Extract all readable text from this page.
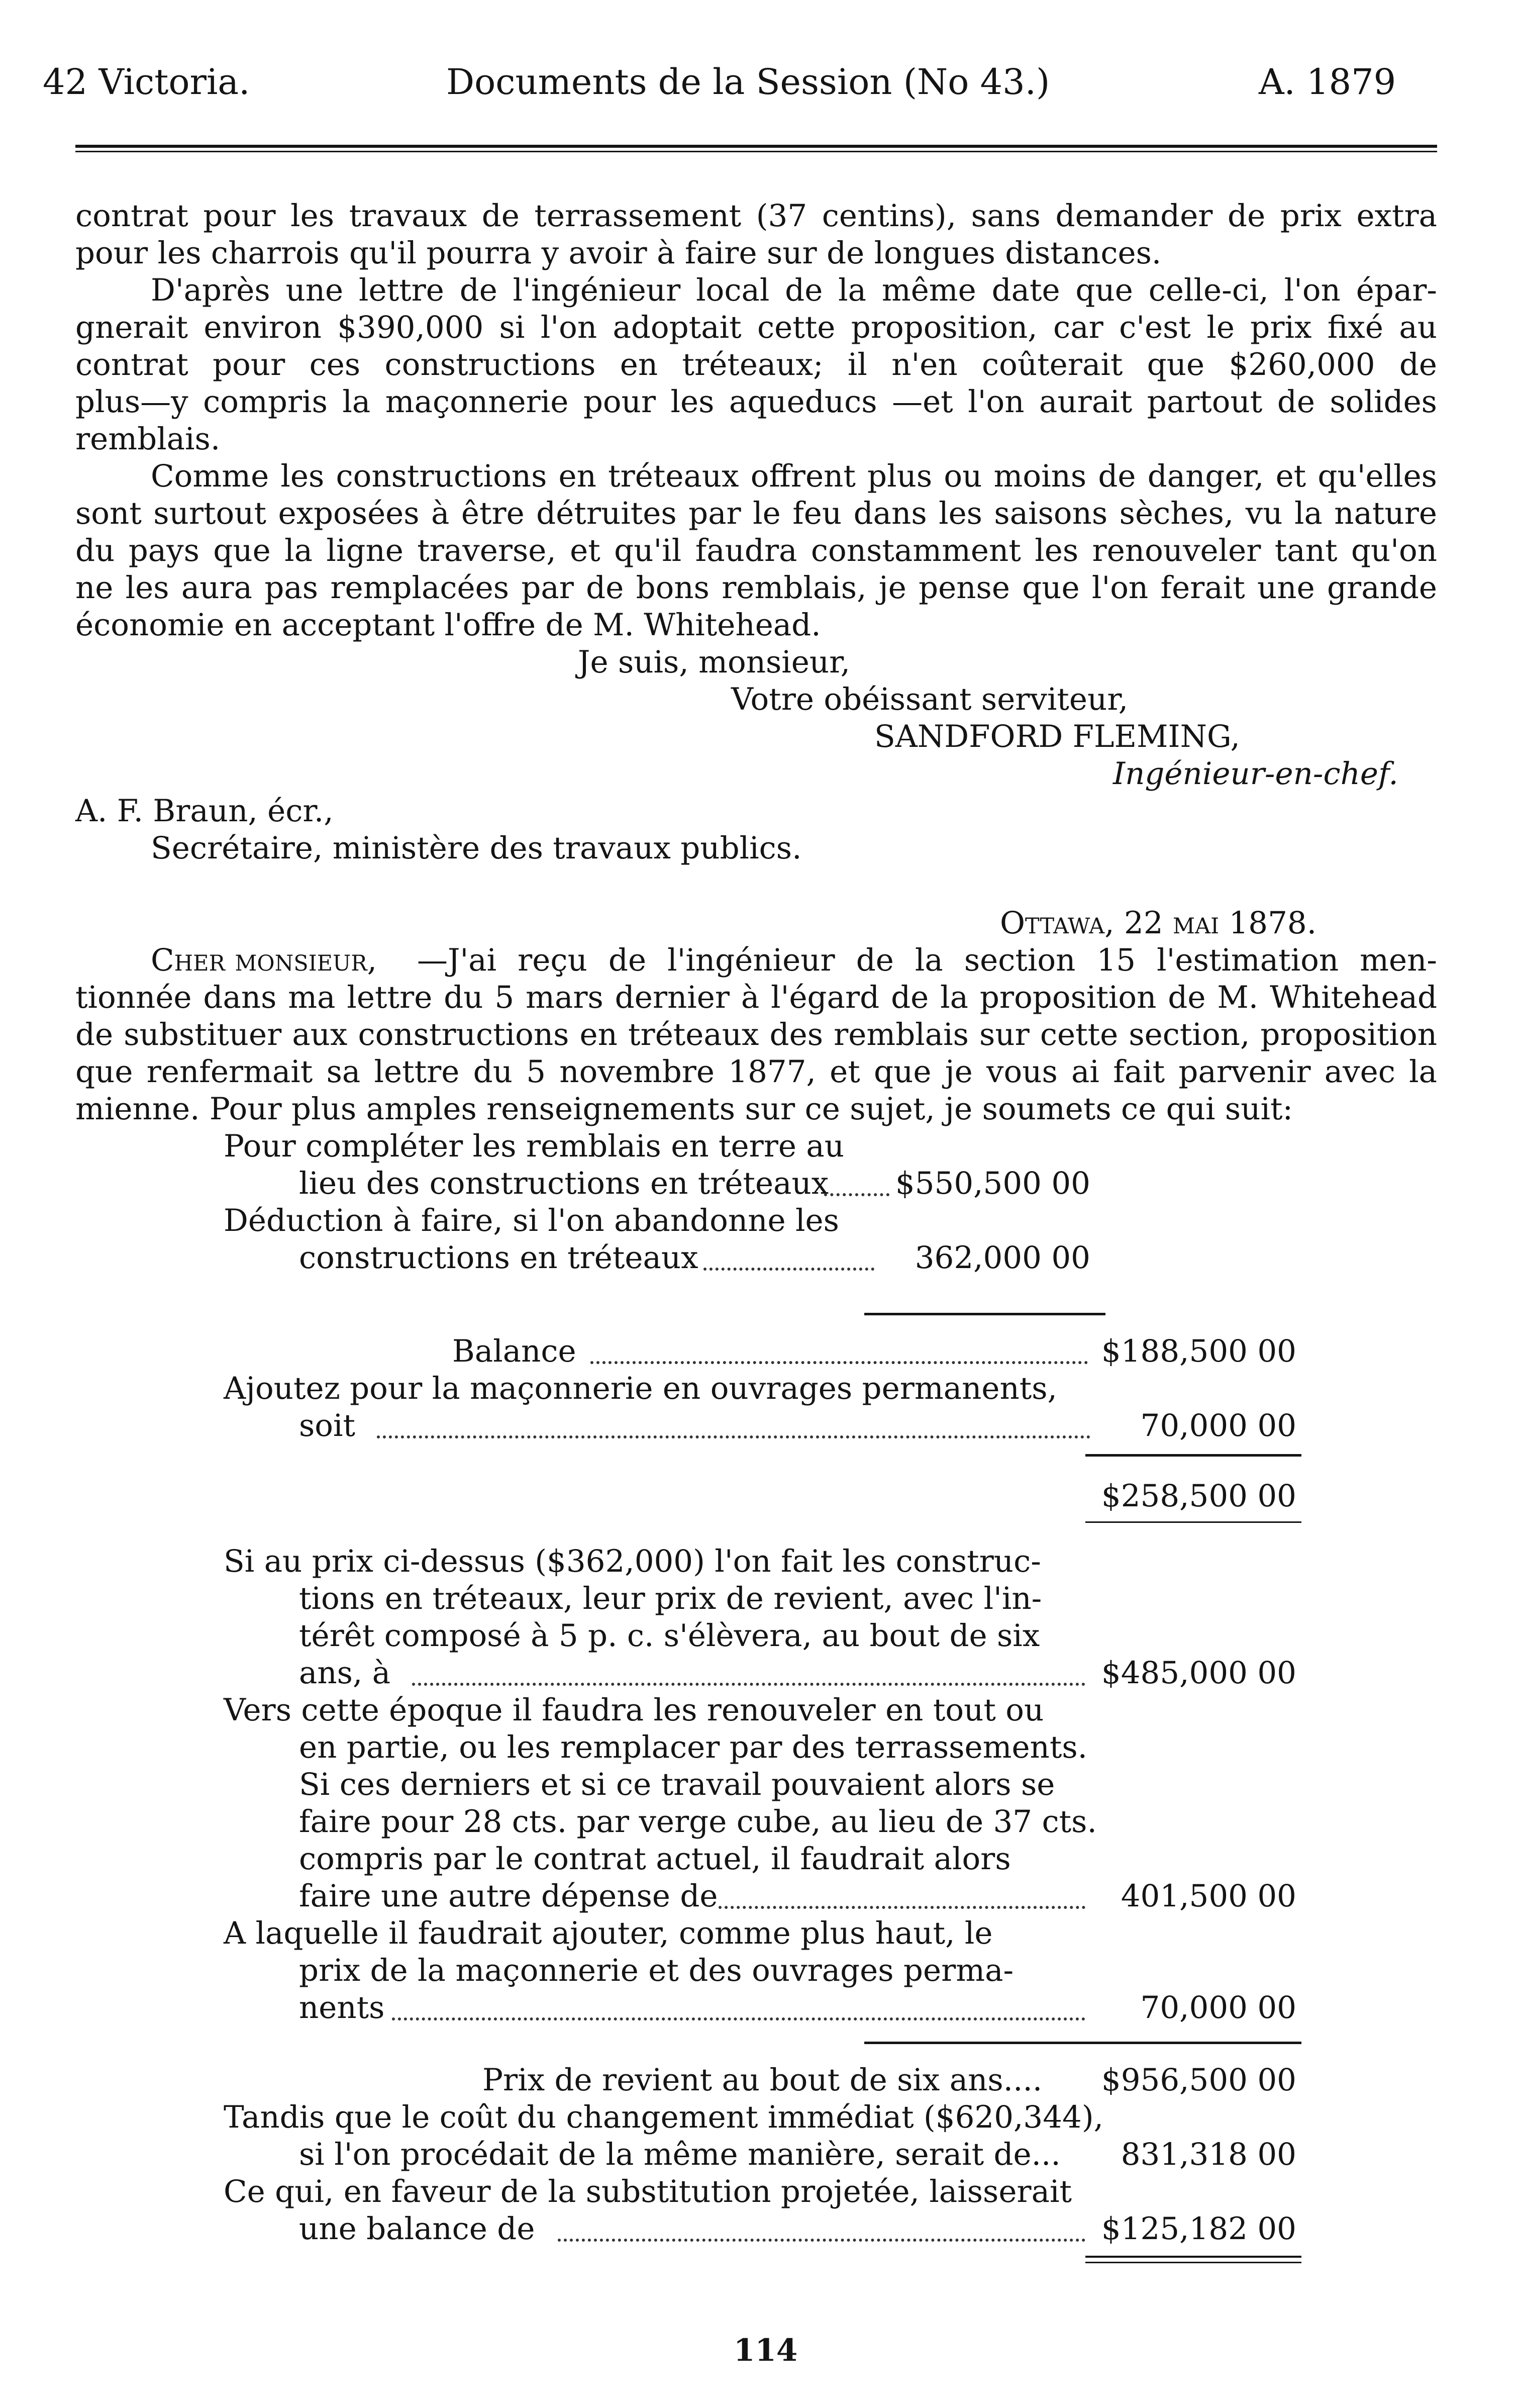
42 Victoria.	Documents de la Session (No 43.)	A. 1879
contrat pour les travaux de terrassement (37 centins), sans demander de prix extra
pour les charrois qu'il pourra y avoir à faire sur de longues distances.
D'après une lettre de l'ingénieur local de la même date que celle-ci, l'on épar-
gnerait environ $390,000 si l'on adoptait cette proposition, car c'est le prix fixé au
contrat pour ces constructions en tréteaux; il n'en coûterait que $260,000 de
plus—y compris la maçonnerie pour les aqueducs —et l'on aurait partout de solides
remblais.
Comme les constructions en tréteaux offrent plus ou moins de danger, et qu'elles
sont surtout exposées à être détruites par le feu dans les saisons sèches, vu la nature
du pays que la ligne traverse, et qu'il faudra constamment les renouveler tant qu'on
ne les aura pas remplacées par de bons remblais, je pense que l'on ferait une grande
économie en acceptant l'offre de M. Whitehead.
Je suis, monsieur,
Votre obéissant serviteur,
SANDFORD FLEMING,
Ingénieur-en-chef.
A. F. Braun, écr.,
Secrétaire, ministère des travaux publics.
Ottawa, 22 mai 1878.
Cher monsieur, —J'ai reçu de l'ingénieur de la section 15 l'estimation men-
tionnée dans ma lettre du 5 mars dernier à l'égard de la proposition de M. Whitehead
de substituer aux constructions en tréteaux des remblais sur cette section, proposition
que renfermait sa lettre du 5 novembre 1877, et que je vous ai fait parvenir avec la
mienne. Pour plus amples renseignements sur ce sujet, je soumets ce qui suit:
Pour compléter les remblais en terre au
lieu des constructions en tréteaux $550,500 00
Déduction à faire, si l'on abandonne les
constructions en tréteaux	362,000 00
Balance	$188,500 00
Ajoutez pour la maçonnerie en ouvrages permanents,
soit	70,000 00
$258,500 00
Si au prix ci-dessus ($362,000) l'on fait les construc-
tions en tréteaux, leur prix de revient, avec l'in-
térêt composé à 5 p. c. s'élèvera, au bout de six
ans, à	$485,000 00
Vers cette époque il faudra les renouveler en tout ou
en partie, ou les remplacer par des terrassements.
Si ces derniers et si ce travail pouvaient alors se
faire pour 28 cts. par verge cube, au lieu de 37 cts.
compris par le contrat actuel, il faudrait alors
faire une autre dépense de	401,500 00
A laquelle il faudrait ajouter, comme plus haut, le
prix de la maçonnerie et des ouvrages perma-
nents	70,000 00
Prix de revient au bout de six ans.... $956,500 00
Tandis que le coût du changement immédiat ($620,344),
si l'on procédait de la même manière, serait de...	831,318 00
Ce qui, en faveur de la substitution projetée, laisserait
une balance de	$125,182 00
114
